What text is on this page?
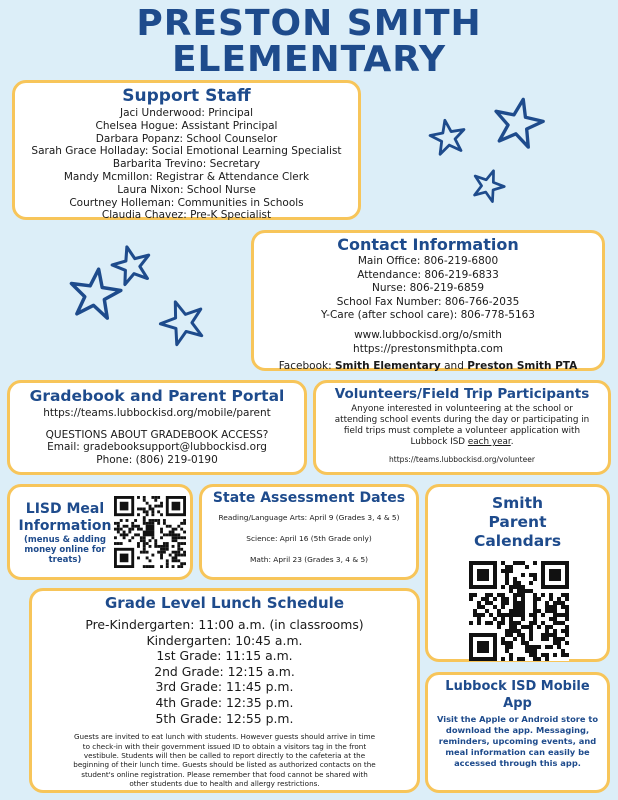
PRESTON SMITH
ELEMENTARY
Support Staff
Jaci Underwood: Principal
Chelsea Hogue: Assistant Principal
Darbara Popanz: School Counselor
Sarah Grace Holladay: Social Emotional Learning Specialist
Barbarita Trevino: Secretary
Mandy Mcmillon: Registrar & Attendance Clerk
Laura Nixon: School Nurse
Courtney Holleman: Communities in Schools
Claudia Chavez: Pre-K Specialist
Contact Information
Main Office: 806-219-6800
Attendance: 806-219-6833
Nurse: 806-219-6859
School Fax Number: 806-766-2035
Y-Care (after school care): 806-778-5163
www.lubbockisd.org/o/smith
https://prestonsmithpta.com
Facebook: Smith Elementary and Preston Smith PTA
Gradebook and Parent Portal
https://teams.lubbockisd.org/mobile/parent
QUESTIONS ABOUT GRADEBOOK ACCESS?
Email: gradebooksupport@lubbockisd.org
Phone: (806) 219-0190
Volunteers/Field Trip Participants
Anyone interested in volunteering at the school or
attending school events during the day or participating in
field trips must complete a volunteer application with
Lubbock ISD each year.
https://teams.lubbockisd.org/volunteer
LISD Meal
Information
(menus & adding
money online for
treats)
State Assessment Dates
Reading/Language Arts: April 9 (Grades 3, 4 & 5)
Science: April 16 (5th Grade only)
Math: April 23 (Grades 3, 4 & 5)
Smith
Parent
Calendars
Grade Level Lunch Schedule
Pre-Kindergarten: 11:00 a.m. (in classrooms)
Kindergarten: 10:45 a.m.
1st Grade: 11:15 a.m.
2nd Grade: 12:15 a.m.
3rd Grade: 11:45 p.m.
4th Grade: 12:35 p.m.
5th Grade: 12:55 p.m.
Guests are invited to eat lunch with students. However guests should arrive in time
to check-in with their government issued ID to obtain a visitors tag in the front
vestibule. Students will then be called to report directly to the cafeteria at the
beginning of their lunch time. Guests should be listed as authorized contacts on the
student's online registration. Please remember that food cannot be shared with
other students due to health and allergy restrictions.
Lubbock ISD Mobile
App
Visit the Apple or Android store to
download the app. Messaging,
reminders, upcoming events, and
meal information can easily be
accessed through this app.
